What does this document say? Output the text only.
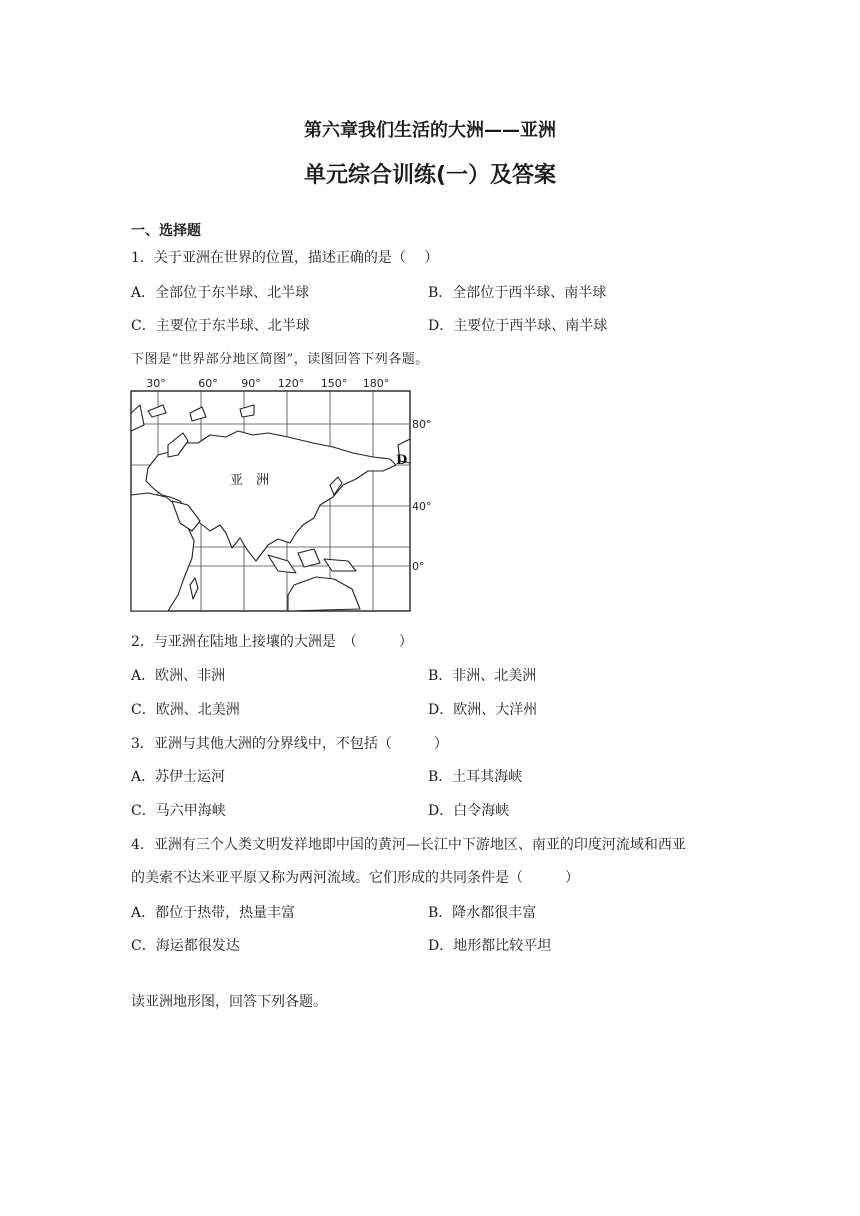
第六章我们生活的大洲——亚洲
单元综合训练(一）及答案
一、选择题
1．关于亚洲在世界的位置，描述正确的是（　 ）
A．全部位于东半球、北半球	B．全部位于西半球、南半球
C．主要位于东半球、北半球	D．主要位于西半球、南半球
下图是“世界部分地区简图”，读图回答下列各题。
30°	60° 90° 120° 150° 180°
80°
40°
0°
亚　洲
D
2．与亚洲在陆地上接壤的大洲是　（　　　）
A．欧洲、非洲	B．非洲、北美洲
C．欧洲、北美洲	D．欧洲、大洋州
3．亚洲与其他大洲的分界线中，不包括（　　　）
A．苏伊士运河	B．土耳其海峡
C．马六甲海峡	D．白令海峡
4．亚洲有三个人类文明发祥地即中国的黄河—长江中下游地区、南亚的印度河流域和西亚
的美索不达米亚平原又称为两河流域。它们形成的共同条件是（　　　）
A．都位于热带，热量丰富	B．降水都很丰富
C．海运都很发达	D．地形都比较平坦
读亚洲地形图，回答下列各题。
